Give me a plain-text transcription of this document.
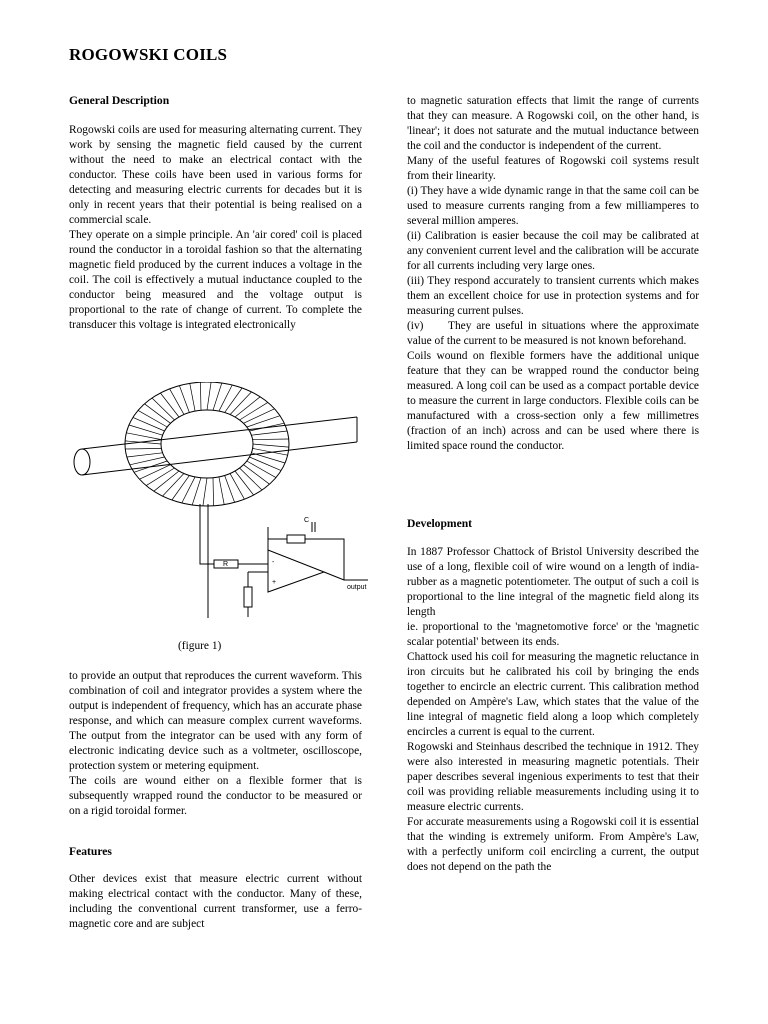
ROGOWSKI COILS
General Description

Rogowski coils are used for measuring alternating current. They work by sensing the magnetic field caused by the current without the need to make an electrical contact with the conductor. These coils have been used in various forms for detecting and measuring electric currents for decades but it is only in recent years that their potential is being realised on a commercial scale.

They operate on a simple principle. An 'air cored' coil is placed round the conductor in a toroidal fashion so that the alternating magnetic field produced by the current induces a voltage in the coil. The coil is effectively a mutual inductance coupled to the conductor being measured and the voltage output is proportional to the rate of change of current. To complete the transducer this voltage is integrated electronically

R
C
-
+
output
(figure 1)

to provide an output that reproduces the current waveform. This combination of coil and integrator provides a system where the output is independent of frequency, which has an accurate phase response, and which can measure complex current waveforms. The output from the integrator can be used with any form of electronic indicating device such as a voltmeter, oscilloscope, protection system or metering equipment.

The coils are wound either on a flexible former that is subsequently wrapped round the conductor to be measured or on a rigid toroidal former.

Features

Other devices exist that measure electric current without making electrical contact with the conductor. Many of these, including the conventional current transformer, use a ferro-magnetic core and are subject

to magnetic saturation effects that limit the range of currents that they can measure. A Rogowski coil, on the other hand, is 'linear'; it does not saturate and the mutual inductance between the coil and the conductor is independent of the current.

Many of the useful features of Rogowski coil systems result from their linearity.

(i) They have a wide dynamic range in that the same coil can be used to measure currents ranging from a few milliamperes to several million amperes.

(ii) Calibration is easier because the coil may be calibrated at any convenient current level and the calibration will be accurate for all currents including very large ones.

(iii) They respond accurately to transient currents which makes them an excellent choice for use in protection systems and for measuring current pulses.

(iv)     They are useful in situations where the approximate value of the current to be measured is not known beforehand.

Coils wound on flexible formers have the additional unique feature that they can be wrapped round the conductor being measured. A long coil can be used as a compact portable device to measure the current in large conductors. Flexible coils can be manufactured with a cross-section only a few millimetres (fraction of an inch) across and can be used where there is limited space round the conductor.

Development

In 1887 Professor Chattock of Bristol University described the use of a long, flexible coil of wire wound on a length of india-rubber as a magnetic potentiometer. The output of such a coil is proportional to the line integral of the magnetic field along its length

ie. proportional to the 'magnetomotive force' or the 'magnetic scalar potential' between its ends.

Chattock used his coil for measuring the magnetic reluctance in iron circuits but he calibrated his coil by bringing the ends together to encircle an electric current. This calibration method depended on Ampère's Law, which states that the value of the line integral of magnetic field along a loop which completely encircles a current is equal to the current.

Rogowski and Steinhaus described the technique in 1912. They were also interested in measuring magnetic potentials. Their paper describes several ingenious experiments to test that their coil was providing reliable measurements including using it to measure electric currents.

For accurate measurements using a Rogowski coil it is essential that the winding is extremely uniform. From Ampère's Law, with a perfectly uniform coil encircling a current, the output does not depend on the path the
